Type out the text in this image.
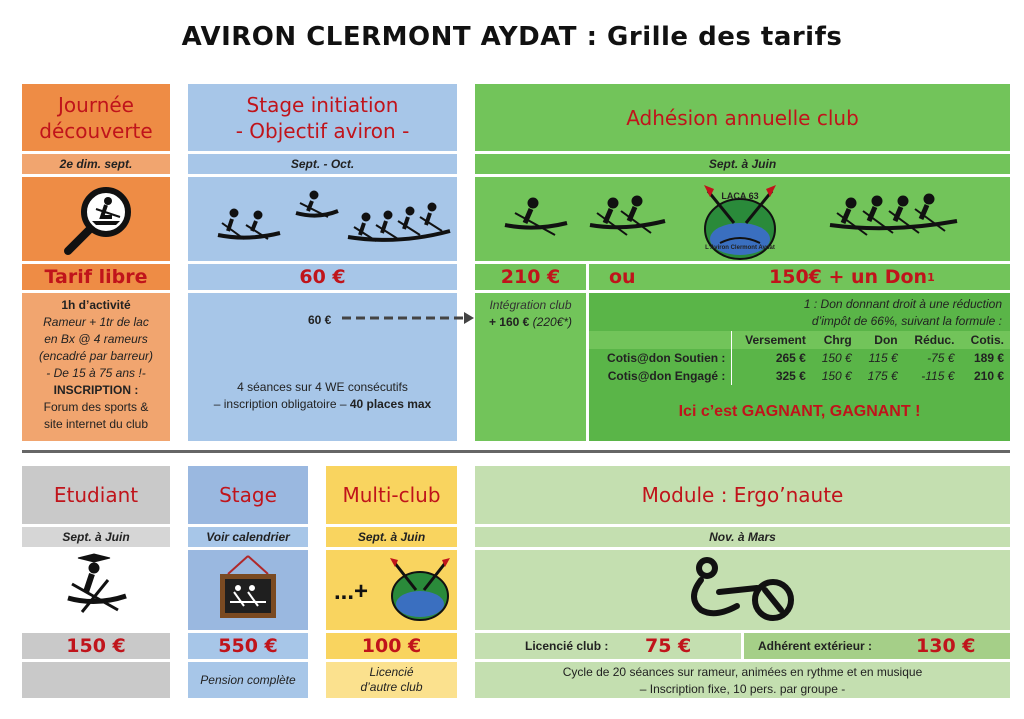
AVIRON CLERMONT AYDAT : Grille des tarifs
Journée
découverte
2e dim. sept.
Tarif libre
1h d’activité
Rameur + 1tr de lac
en Bx @ 4 rameurs
(encadré par barreur)
- De 15 à 75 ans !-
INSCRIPTION :
Forum des sports &
site internet du club
Stage initiation
- Objectif aviron -
Sept. - Oct.
60 €
60 €
4 séances sur 4 WE consécutifs
– inscription obligatoire – 40 places max
Adhésion annuelle club
Sept. à Juin
LACA 63
L’Aviron Clermont Aydat
210 €	ou	150€ + un Don 1
Intégration club
+ 160 € (220€*)
1 : Don donnant droit à une réduction
d’impôt de 66%, suivant la formule :
	Versement	Chrg	Don	Réduc.	Cotis.
Cotis@don Soutien :	265 €	150 €	115 €	-75 €	189 €
Cotis@don Engagé :	325 €	150 €	175 €	-115 €	210 €
Ici c’est GAGNANT, GAGNANT !
Etudiant
Sept. à Juin
150 €
Stage
Voir calendrier
550 €
Pension complète
Multi-club
Sept. à Juin
...+
100 €
Licencié
d’autre club
Module : Ergo’naute
Nov. à Mars
Licencié club : 75 €	Adhérent extérieur : 130 €
Cycle de 20 séances sur rameur, animées en rythme et en musique
– Inscription fixe, 10 pers. par groupe -
